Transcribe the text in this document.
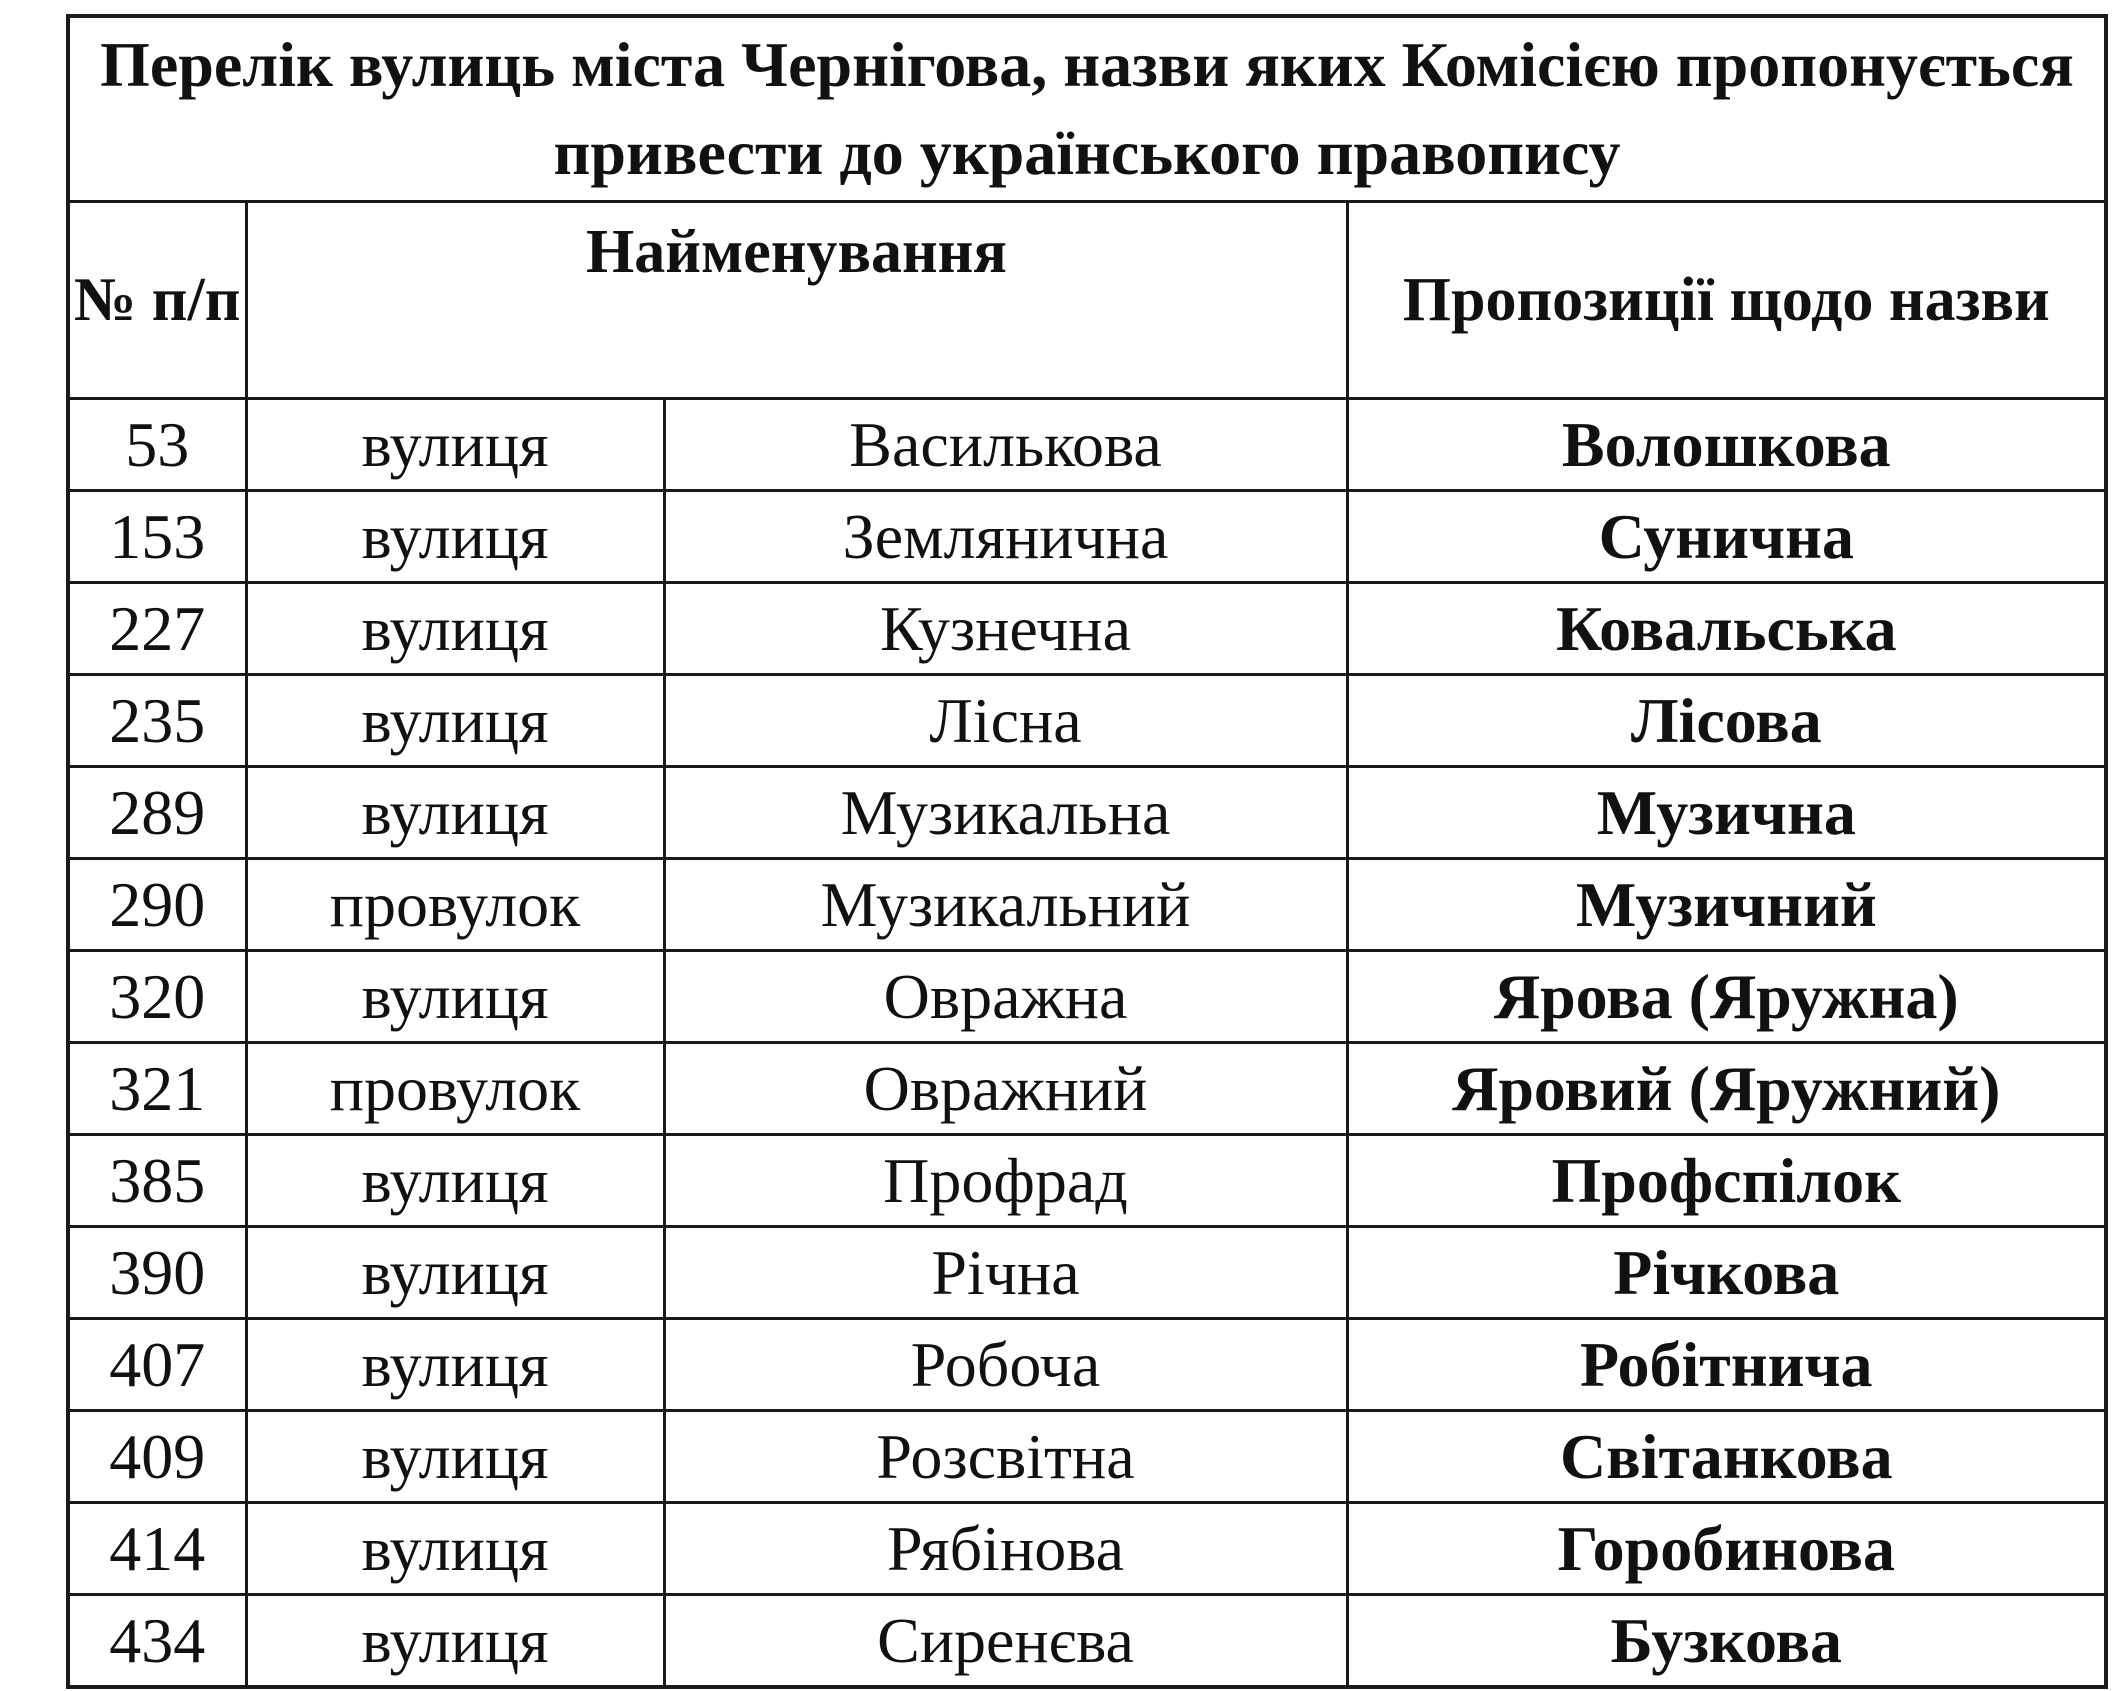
Перелік вулиць міста Чернігова, назви яких Комісією пропонується привести до українського правопису			
№ п/п	Найменування		Пропозиції щодо назви
53	вулиця	Василькова	Волошкова
153	вулиця	Землянична	Сунична
227	вулиця	Кузнечна	Ковальська
235	вулиця	Лісна	Лісова
289	вулиця	Музикальна	Музична
290	провулок	Музикальний	Музичний
320	вулиця	Овражна	Ярова (Яружна)
321	провулок	Овражний	Яровий (Яружний)
385	вулиця	Профрад	Профспілок
390	вулиця	Річна	Річкова
407	вулиця	Робоча	Робітнича
409	вулиця	Розсвітна	Світанкова
414	вулиця	Рябінова	Горобинова
434	вулиця	Сиренєва	Бузкова
